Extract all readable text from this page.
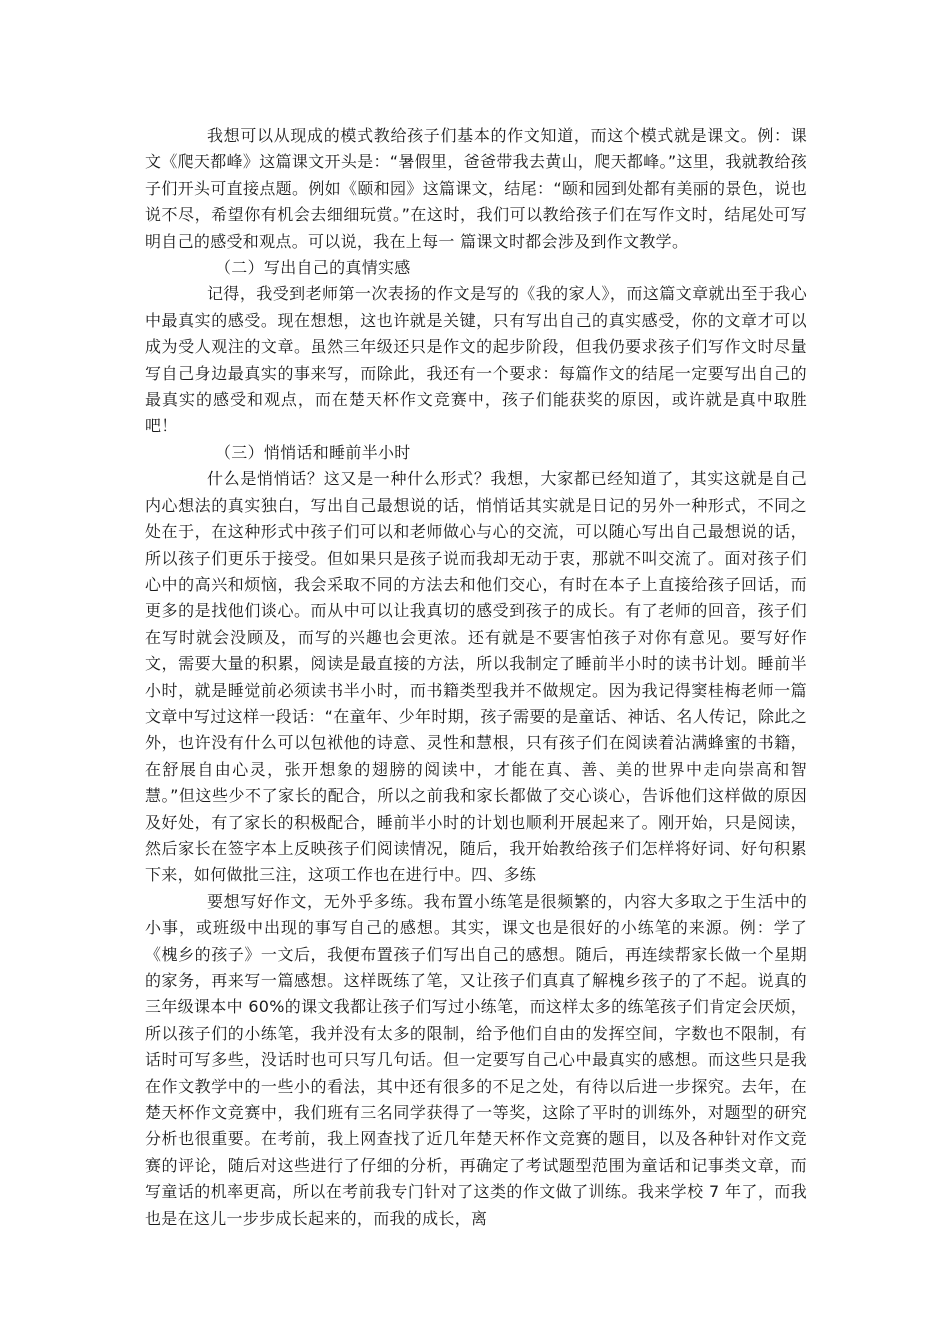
我想可以从现成的模式教给孩子们基本的作文知道，而这个模式就是课文。例：课文《爬天都峰》这篇课文开头是：“暑假里，爸爸带我去黄山，爬天都峰。”这里，我就教给孩子们开头可直接点题。例如《颐和园》这篇课文，结尾：“颐和园到处都有美丽的景色，说也说不尽，希望你有机会去细细玩赏。”在这时，我们可以教给孩子们在写作文时，结尾处可写明自己的感受和观点。可以说，我在上每一 篇课文时都会涉及到作文教学。

（二）写出自己的真情实感

记得，我受到老师第一次表扬的作文是写的《我的家人》，而这篇文章就出至于我心中最真实的感受。现在想想，这也许就是关键，只有写出自己的真实感受，你的文章才可以成为受人观注的文章。虽然三年级还只是作文的起步阶段，但我仍要求孩子们写作文时尽量写自己身边最真实的事来写，而除此，我还有一个要求：每篇作文的结尾一定要写出自己的最真实的感受和观点，而在楚天杯作文竞赛中，孩子们能获奖的原因，或许就是真中取胜吧！

（三）悄悄话和睡前半小时

什么是悄悄话？这又是一种什么形式？我想，大家都已经知道了，其实这就是自己内心想法的真实独白，写出自己最想说的话，悄悄话其实就是日记的另外一种形式，不同之处在于，在这种形式中孩子们可以和老师做心与心的交流，可以随心写出自己最想说的话，所以孩子们更乐于接受。但如果只是孩子说而我却无动于衷，那就不叫交流了。面对孩子们心中的高兴和烦恼，我会采取不同的方法去和他们交心，有时在本子上直接给孩子回话，而更多的是找他们谈心。而从中可以让我真切的感受到孩子的成长。有了老师的回音，孩子们在写时就会没顾及，而写的兴趣也会更浓。还有就是不要害怕孩子对你有意见。要写好作文，需要大量的积累，阅读是最直接的方法，所以我制定了睡前半小时的读书计划。睡前半小时，就是睡觉前必须读书半小时，而书籍类型我并不做规定。因为我记得窦桂梅老师一篇文章中写过这样一段话：“在童年、少年时期，孩子需要的是童话、神话、名人传记，除此之外，也许没有什么可以包袱他的诗意、灵性和慧根，只有孩子们在阅读着沾满蜂蜜的书籍，在舒展自由心灵，张开想象的翅膀的阅读中，才能在真、善、美的世界中走向崇高和智慧。”但这些少不了家长的配合，所以之前我和家长都做了交心谈心，告诉他们这样做的原因及好处，有了家长的积极配合，睡前半小时的计划也顺利开展起来了。刚开始，只是阅读，然后家长在签字本上反映孩子们阅读情况，随后，我开始教给孩子们怎样将好词、好句积累下来，如何做批三注，这项工作也在进行中。四、多练

要想写好作文，无外乎多练。我布置小练笔是很频繁的，内容大多取之于生活中的小事，或班级中出现的事写自己的感想。其实，课文也是很好的小练笔的来源。例：学了《槐乡的孩子》一文后，我便布置孩子们写出自己的感想。随后，再连续帮家长做一个星期的家务，再来写一篇感想。这样既练了笔，又让孩子们真真了解槐乡孩子的了不起。说真的三年级课本中 60%的课文我都让孩子们写过小练笔，而这样太多的练笔孩子们肯定会厌烦，所以孩子们的小练笔，我并没有太多的限制，给予他们自由的发挥空间，字数也不限制，有话时可写多些，没话时也可只写几句话。但一定要写自己心中最真实的感想。而这些只是我在作文教学中的一些小的看法，其中还有很多的不足之处，有待以后进一步探究。去年，在楚天杯作文竞赛中，我们班有三名同学获得了一等奖，这除了平时的训练外，对题型的研究分析也很重要。在考前，我上网查找了近几年楚天杯作文竞赛的题目，以及各种针对作文竞赛的评论，随后对这些进行了仔细的分析，再确定了考试题型范围为童话和记事类文章，而写童话的机率更高，所以在考前我专门针对了这类的作文做了训练。我来学校 7 年了，而我也是在这儿一步步成长起来的，而我的成长，离
